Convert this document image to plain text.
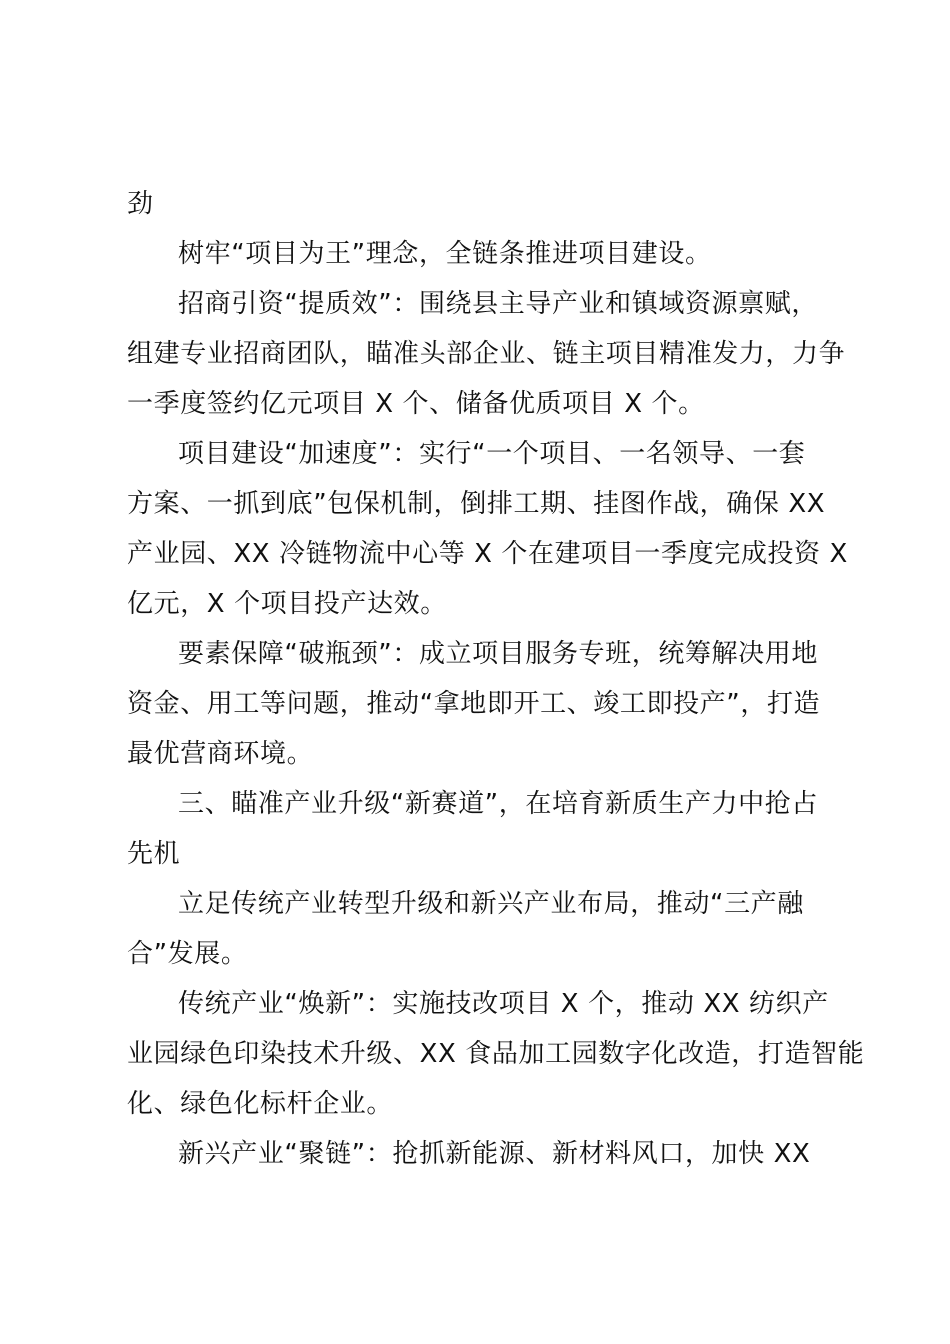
劲
树牢“项目为王”理念，全链条推进项目建设。
招商引资“提质效”：围绕县主导产业和镇域资源禀赋，
组建专业招商团队，瞄准头部企业、链主项目精准发力，力争
一季度签约亿元项目 X 个、储备优质项目 X 个。
项目建设“加速度”：实行“一个项目、一名领导、一套
方案、一抓到底”包保机制，倒排工期、挂图作战，确保 XX
产业园、XX 冷链物流中心等 X 个在建项目一季度完成投资 X
亿元，X 个项目投产达效。
要素保障“破瓶颈”：成立项目服务专班，统筹解决用地
资金、用工等问题，推动“拿地即开工、竣工即投产”，打造
最优营商环境。
三、瞄准产业升级“新赛道”，在培育新质生产力中抢占
先机
立足传统产业转型升级和新兴产业布局，推动“三产融
合”发展。
传统产业“焕新”：实施技改项目 X 个，推动 XX 纺织产
业园绿色印染技术升级、XX 食品加工园数字化改造，打造智能
化、绿色化标杆企业。
新兴产业“聚链”：抢抓新能源、新材料风口，加快 XX
